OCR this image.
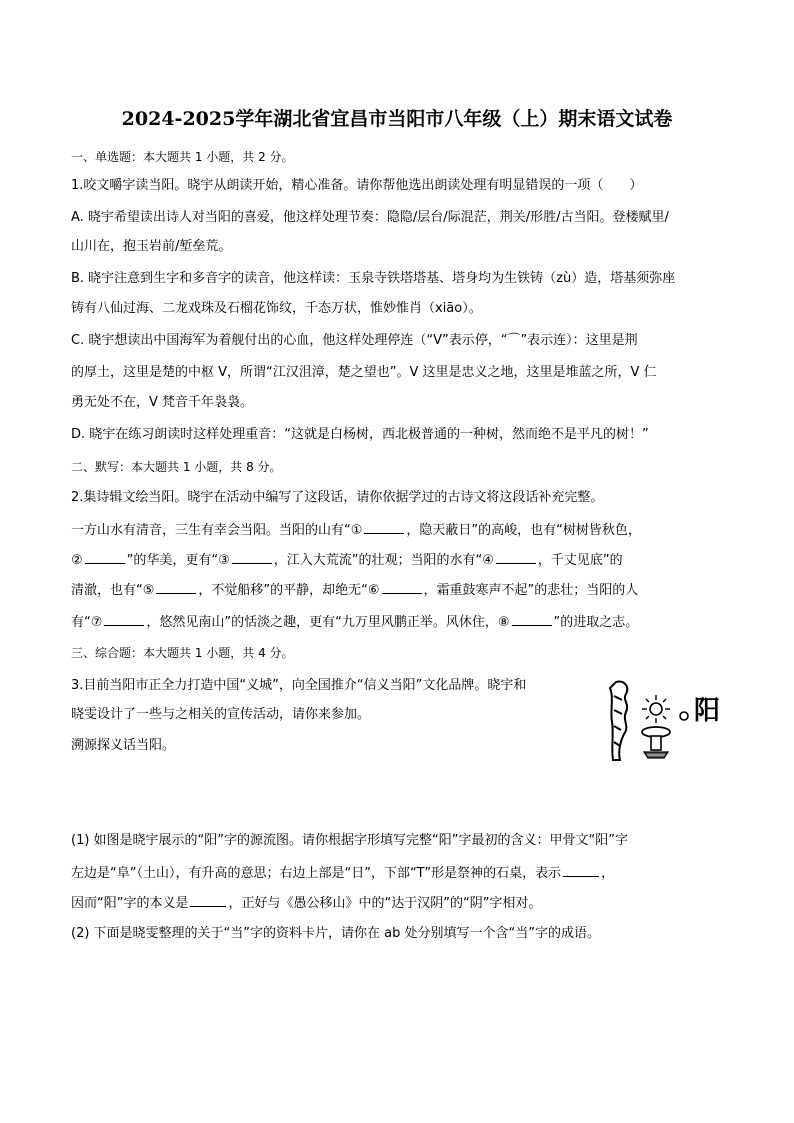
2024-2025学年湖北省宜昌市当阳市八年级（上）期末语文试卷
一、单选题：本大题共 1 小题，共 2 分。
1.咬文嚼字读当阳。晓宇从朗读开始，精心准备。请你帮他选出朗读处理有明显错误的一项（　　）
A. 晓宇希望读出诗人对当阳的喜爱，他这样处理节奏：隐隐/层台/际混茫，荆关/形胜/古当阳。登楼赋里/
山川在，抱玉岩前/堑垒荒。
B. 晓宇注意到生字和多音字的读音，他这样读：玉泉寺铁塔塔基、塔身均为生铁铸（zù）造，塔基须弥座
铸有八仙过海、二龙戏珠及石榴花饰纹，千态万状，惟妙惟肖（xiāo）。
C. 晓宇想读出中国海军为着舰付出的心血，他这样处理停连（“V”表示停，“⌒”表示连）：这里是荆
的厚土，这里是楚的中枢 V，所谓“江汉沮漳，楚之望也”。V 这里是忠义之地，这里是堆蓝之所，V 仁
勇无处不在，V 梵音千年袅袅。
D. 晓宇在练习朗读时这样处理重音：“这就是白杨树，西北极普通的一种树，然而绝不是平凡的树！”
二、默写：本大题共 1 小题，共 8 分。
2.集诗辑文绘当阳。晓宇在活动中编写了这段话，请你依据学过的古诗文将这段话补充完整。
一方山水有清音，三生有幸会当阳。当阳的山有“①	，隐天蔽日”的高峻，也有“树树皆秋色，
②	”的华美，更有“③	，江入大荒流”的壮观；当阳的水有“④	，千丈见底”的
清澈，也有“⑤	，不觉船移”的平静，却绝无“⑥	，霜重鼓寒声不起”的悲壮；当阳的人
有“⑦	，悠然见南山”的恬淡之趣，更有“九万里风鹏正举。风休住，⑧	”的进取之志。
三、综合题：本大题共 1 小题，共 4 分。
3.目前当阳市正全力打造中国“义城”，向全国推介“信义当阳”文化品牌。晓宇和
晓雯设计了一些与之相关的宣传活动，请你来参加。
溯源探义话当阳。
阳
(1) 如图是晓宇展示的“阳”字的源流图。请你根据字形填写完整“阳”字最初的含义：甲骨文“阳”字
左边是“阜”（土山），有升高的意思；右边上部是“日”，下部“T”形是祭神的石桌，表示	，
因而“阳”字的本义是	，正好与《愚公移山》中的“达于汉阴”的“阴”字相对。
(2) 下面是晓雯整理的关于“当”字的资料卡片，请你在 ab 处分别填写一个含“当”字的成语。
